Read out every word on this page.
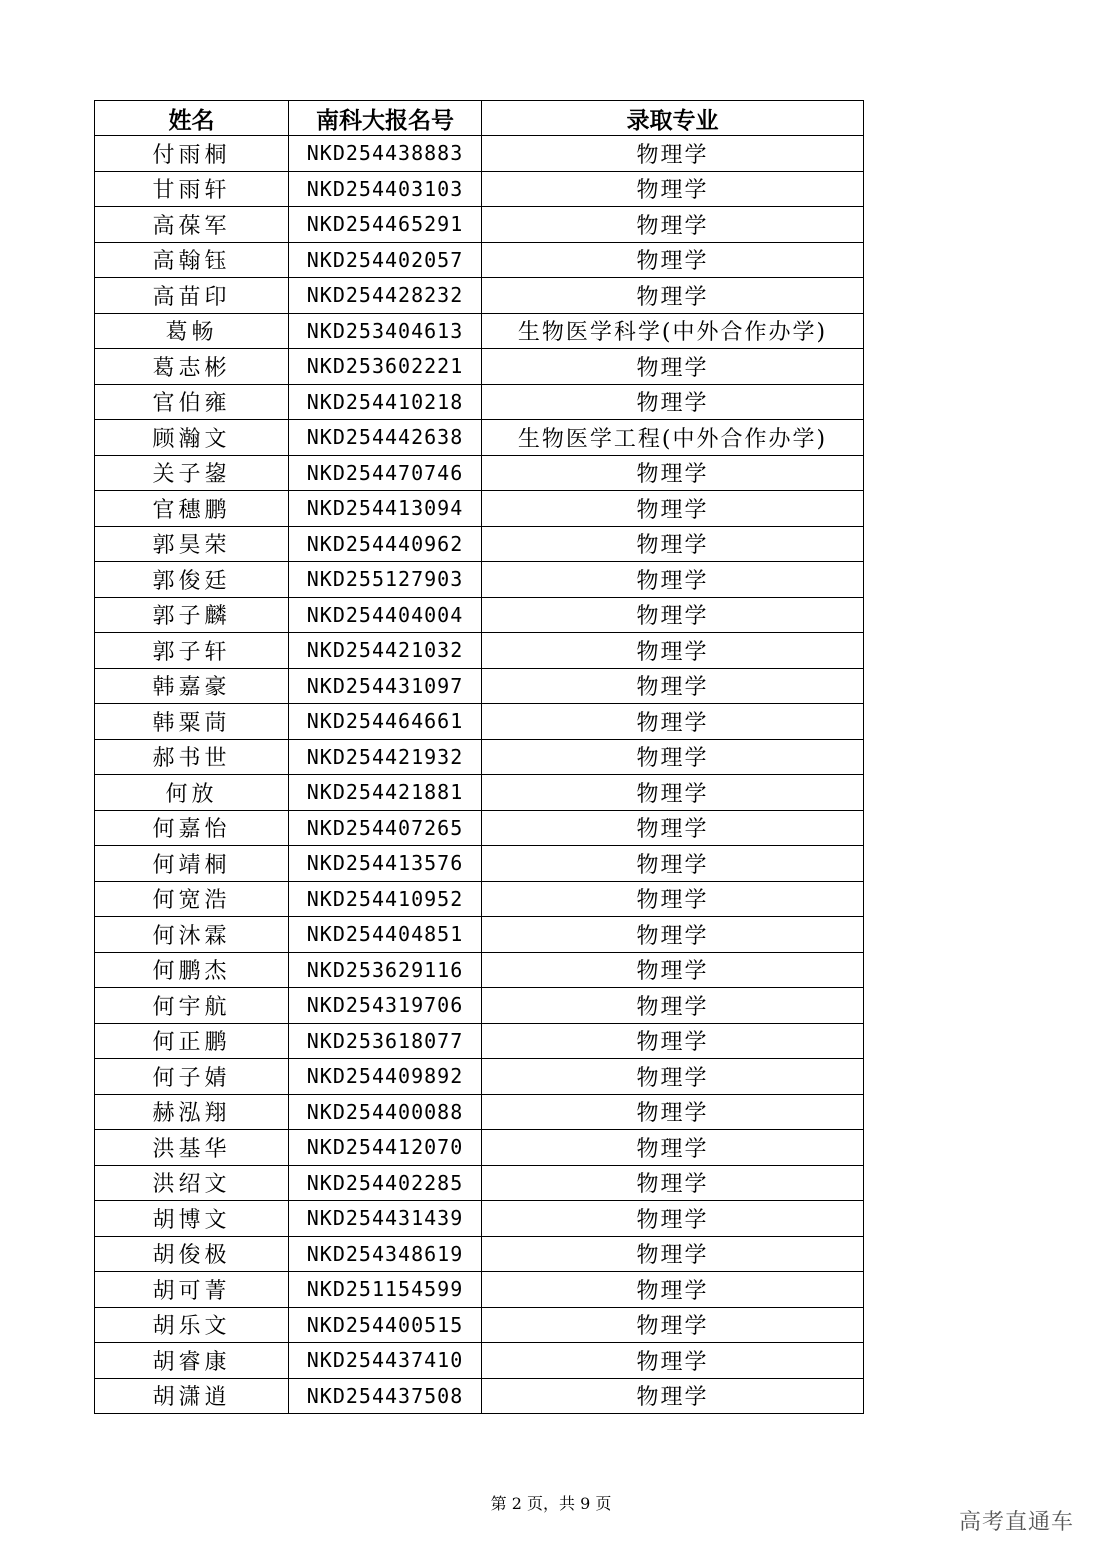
姓名	南科大报名号	录取专业
付雨桐	NKD254438883	物理学
甘雨轩	NKD254403103	物理学
高葆军	NKD254465291	物理学
高翰钰	NKD254402057	物理学
高苗印	NKD254428232	物理学
葛畅	NKD253404613	生物医学科学(中外合作办学)
葛志彬	NKD253602221	物理学
官伯雍	NKD254410218	物理学
顾瀚文	NKD254442638	生物医学工程(中外合作办学)
关子鋆	NKD254470746	物理学
官穗鹏	NKD254413094	物理学
郭昊荣	NKD254440962	物理学
郭俊廷	NKD255127903	物理学
郭子麟	NKD254404004	物理学
郭子轩	NKD254421032	物理学
韩嘉豪	NKD254431097	物理学
韩粟茼	NKD254464661	物理学
郝书世	NKD254421932	物理学
何放	NKD254421881	物理学
何嘉怡	NKD254407265	物理学
何靖桐	NKD254413576	物理学
何宽浩	NKD254410952	物理学
何沐霖	NKD254404851	物理学
何鹏杰	NKD253629116	物理学
何宇航	NKD254319706	物理学
何正鹏	NKD253618077	物理学
何子婧	NKD254409892	物理学
赫泓翔	NKD254400088	物理学
洪基华	NKD254412070	物理学
洪绍文	NKD254402285	物理学
胡博文	NKD254431439	物理学
胡俊极	NKD254348619	物理学
胡可菁	NKD251154599	物理学
胡乐文	NKD254400515	物理学
胡睿康	NKD254437410	物理学
胡潇逍	NKD254437508	物理学
第 2 页，共 9 页
高考直通车
